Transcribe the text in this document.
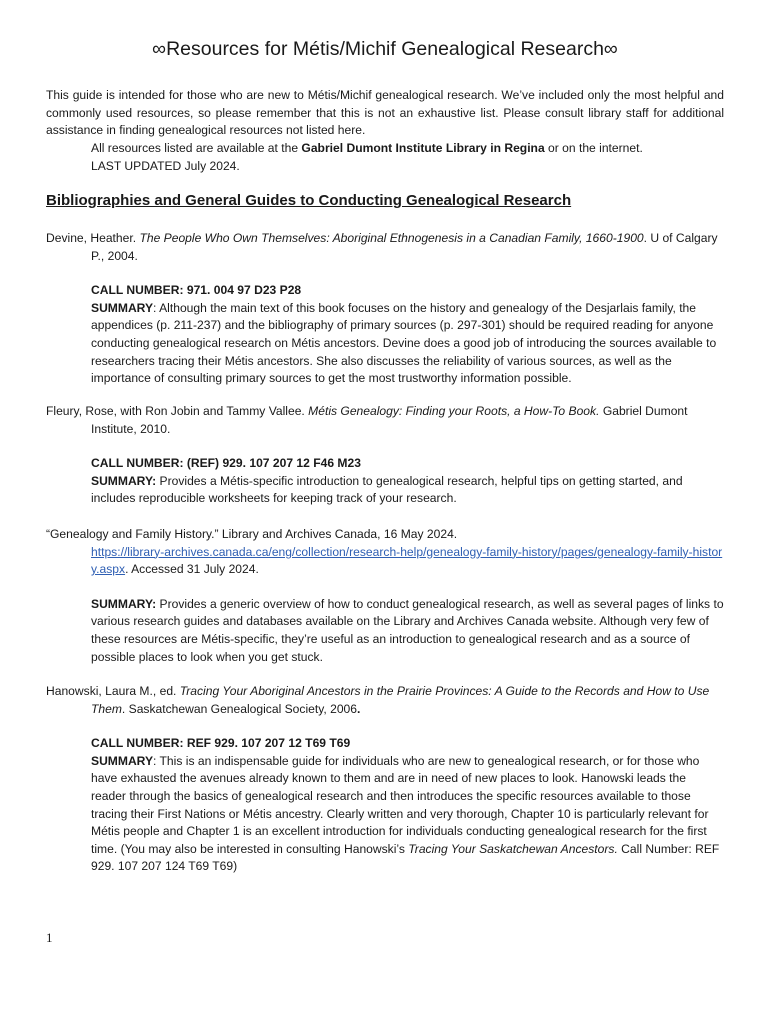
∞Resources for Métis/Michif Genealogical Research∞
This guide is intended for those who are new to Métis/Michif genealogical research. We’ve included only the most helpful and commonly used resources, so please remember that this is not an exhaustive list. Please consult library staff for additional assistance in finding genealogical resources not listed here.
All resources listed are available at the Gabriel Dumont Institute Library in Regina or on the internet.
LAST UPDATED July 2024.
Bibliographies and General Guides to Conducting Genealogical Research
Devine, Heather. The People Who Own Themselves: Aboriginal Ethnogenesis in a Canadian Family, 1660-1900. U of Calgary P., 2004.
CALL NUMBER: 971. 004 97 D23 P28
SUMMARY: Although the main text of this book focuses on the history and genealogy of the Desjarlais family, the appendices (p. 211-237) and the bibliography of primary sources (p. 297-301) should be required reading for anyone conducting genealogical research on Métis ancestors. Devine does a good job of introducing the sources available to researchers tracing their Métis ancestors. She also discusses the reliability of various sources, as well as the importance of consulting primary sources to get the most trustworthy information possible.
Fleury, Rose, with Ron Jobin and Tammy Vallee. Métis Genealogy: Finding your Roots, a How-To Book. Gabriel Dumont Institute, 2010.
CALL NUMBER: (REF) 929. 107 207 12 F46 M23
SUMMARY: Provides a Métis-specific introduction to genealogical research, helpful tips on getting started, and includes reproducible worksheets for keeping track of your research.
“Genealogy and Family History.” Library and Archives Canada, 16 May 2024.
https://library-archives.canada.ca/eng/collection/research-help/genealogy-family-history/pages/genealogy-family-history.aspx. Accessed 31 July 2024.
SUMMARY: Provides a generic overview of how to conduct genealogical research, as well as several pages of links to various research guides and databases available on the Library and Archives Canada website. Although very few of these resources are Métis-specific, they’re useful as an introduction to genealogical research and as a source of possible places to look when you get stuck.
Hanowski, Laura M., ed. Tracing Your Aboriginal Ancestors in the Prairie Provinces: A Guide to the Records and How to Use Them. Saskatchewan Genealogical Society, 2006.
CALL NUMBER: REF 929. 107 207 12 T69 T69
SUMMARY: This is an indispensable guide for individuals who are new to genealogical research, or for those who have exhausted the avenues already known to them and are in need of new places to look. Hanowski leads the reader through the basics of genealogical research and then introduces the specific resources available to those tracing their First Nations or Métis ancestry. Clearly written and very thorough, Chapter 10 is particularly relevant for Métis people and Chapter 1 is an excellent introduction for individuals conducting genealogical research for the first time. (You may also be interested in consulting Hanowski’s Tracing Your Saskatchewan Ancestors. Call Number: REF 929. 107 207 124 T69 T69)
1
